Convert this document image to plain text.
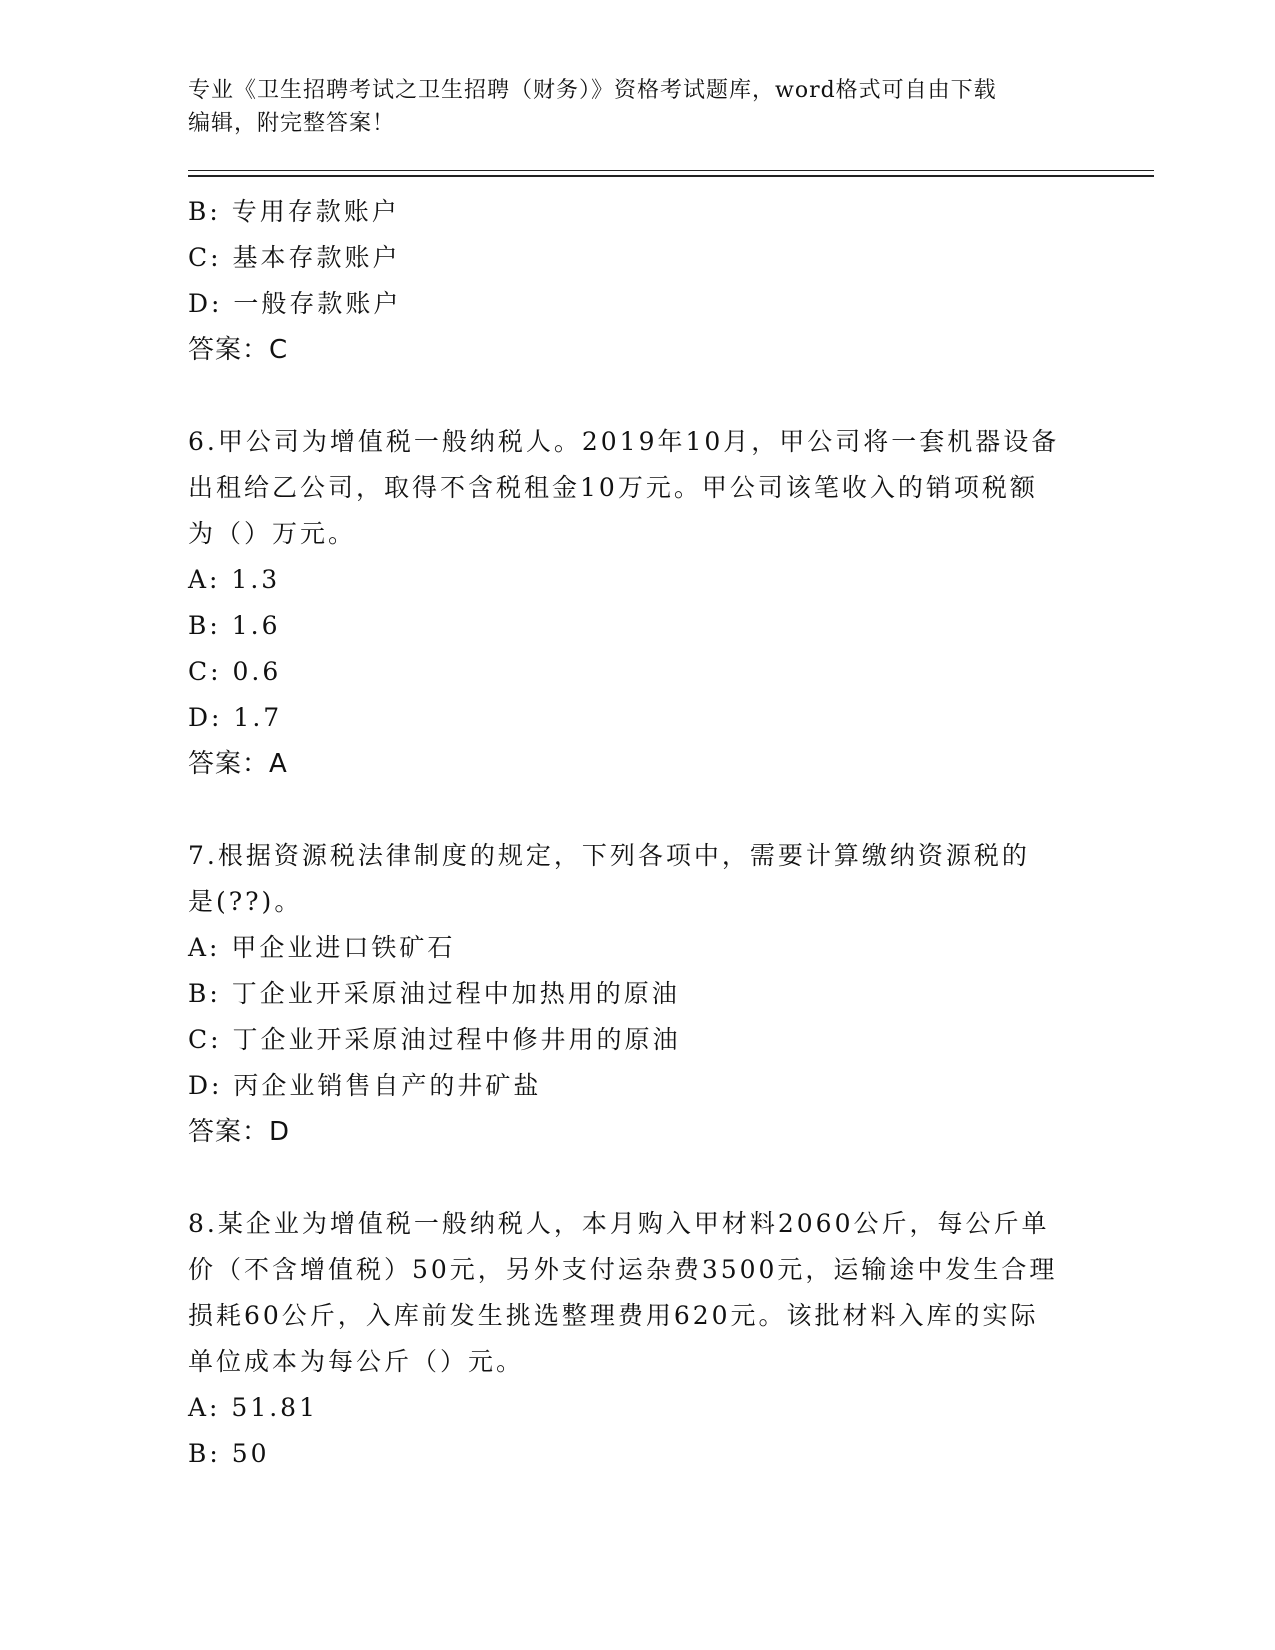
专业《卫生招聘考试之卫生招聘（财务）》资格考试题库，word格式可自由下载
编辑，附完整答案！
B: 专用存款账户
C: 基本存款账户
D: 一般存款账户
答案：C
6.甲公司为增值税一般纳税人。2019年10月，甲公司将一套机器设备
出租给乙公司，取得不含税租金10万元。甲公司该笔收入的销项税额
为（）万元。
A: 1.3
B: 1.6
C: 0.6
D: 1.7
答案：A
7.根据资源税法律制度的规定，下列各项中，需要计算缴纳资源税的
是(??)。
A: 甲企业进口铁矿石
B: 丁企业开采原油过程中加热用的原油
C: 丁企业开采原油过程中修井用的原油
D: 丙企业销售自产的井矿盐
答案：D
8.某企业为增值税一般纳税人，本月购入甲材料2060公斤，每公斤单
价（不含增值税）50元，另外支付运杂费3500元，运输途中发生合理
损耗60公斤，入库前发生挑选整理费用620元。该批材料入库的实际
单位成本为每公斤（）元。
A: 51.81
B: 50
